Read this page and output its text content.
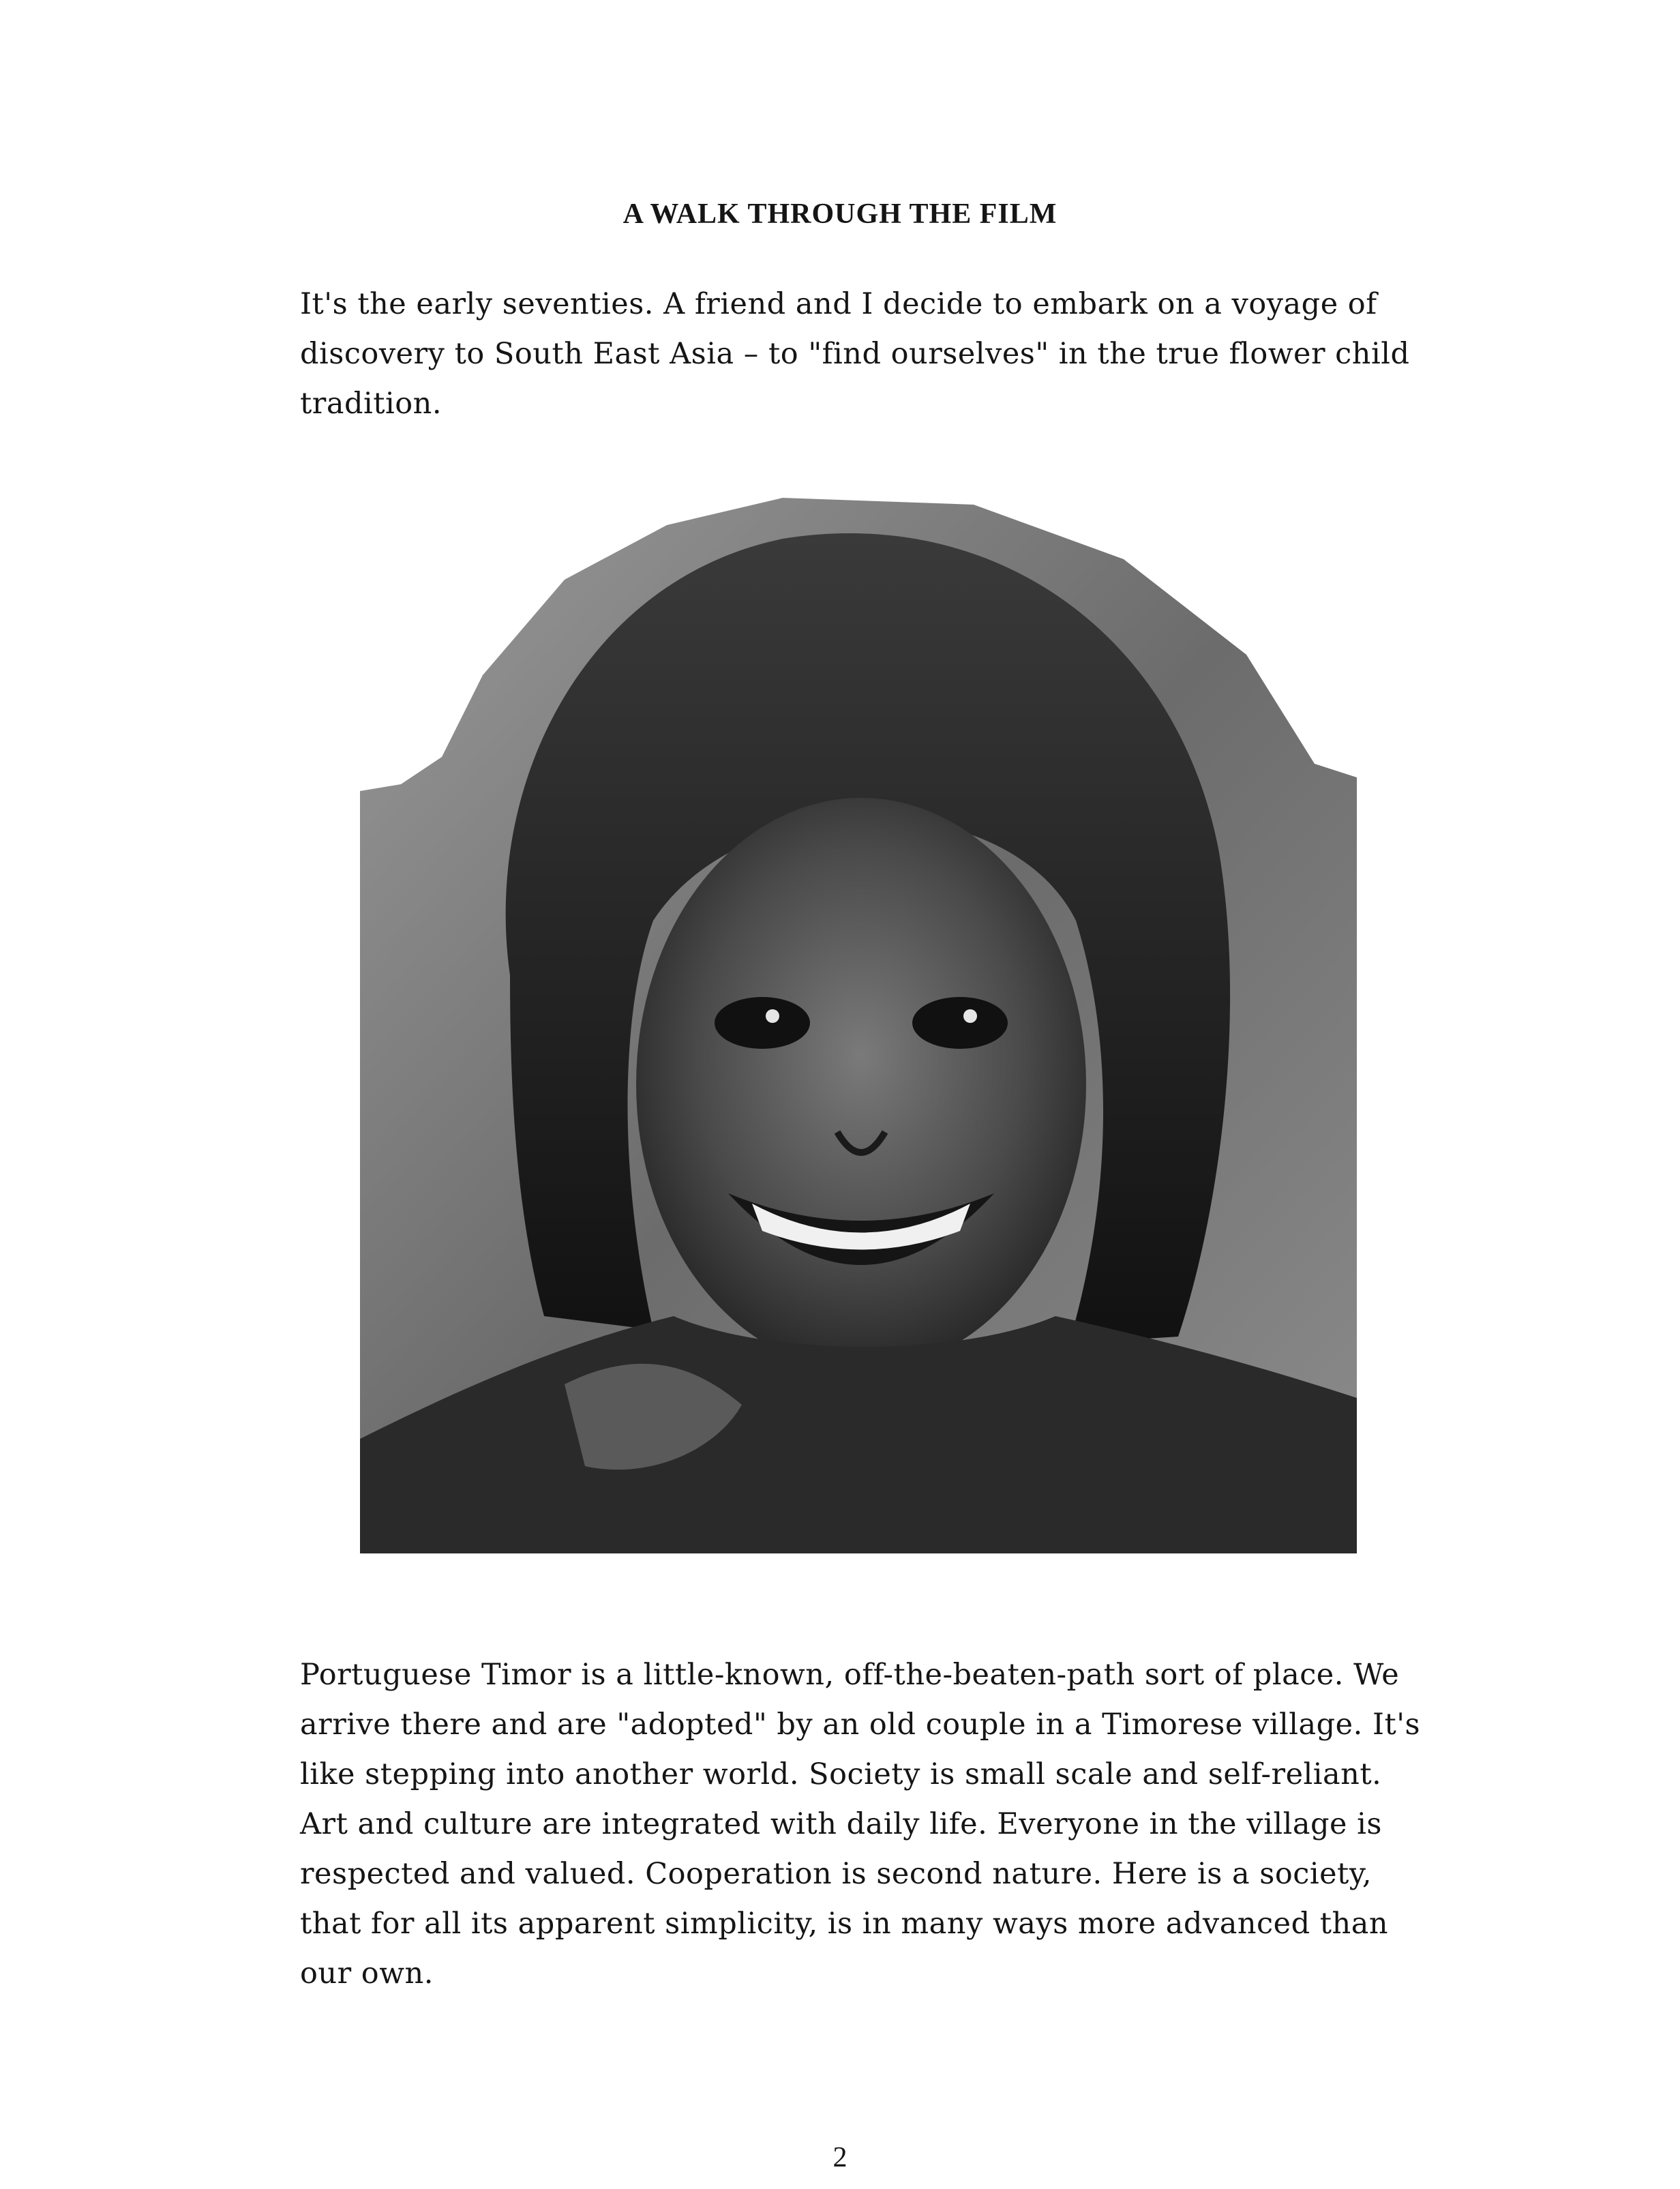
A WALK THROUGH THE FILM

It's the early seventies. A friend and I decide to embark on a voyage of discovery to South East Asia – to "find ourselves" in the true flower child tradition.

Portuguese Timor is a little-known, off-the-beaten-path sort of place. We arrive there and are "adopted" by an old couple in a Timorese village. It's like stepping into another world. Society is small scale and self-reliant. Art and culture are integrated with daily life. Everyone in the village is respected and valued. Cooperation is second nature. Here is a society, that for all its apparent simplicity, is in many ways more advanced than our own.

2
